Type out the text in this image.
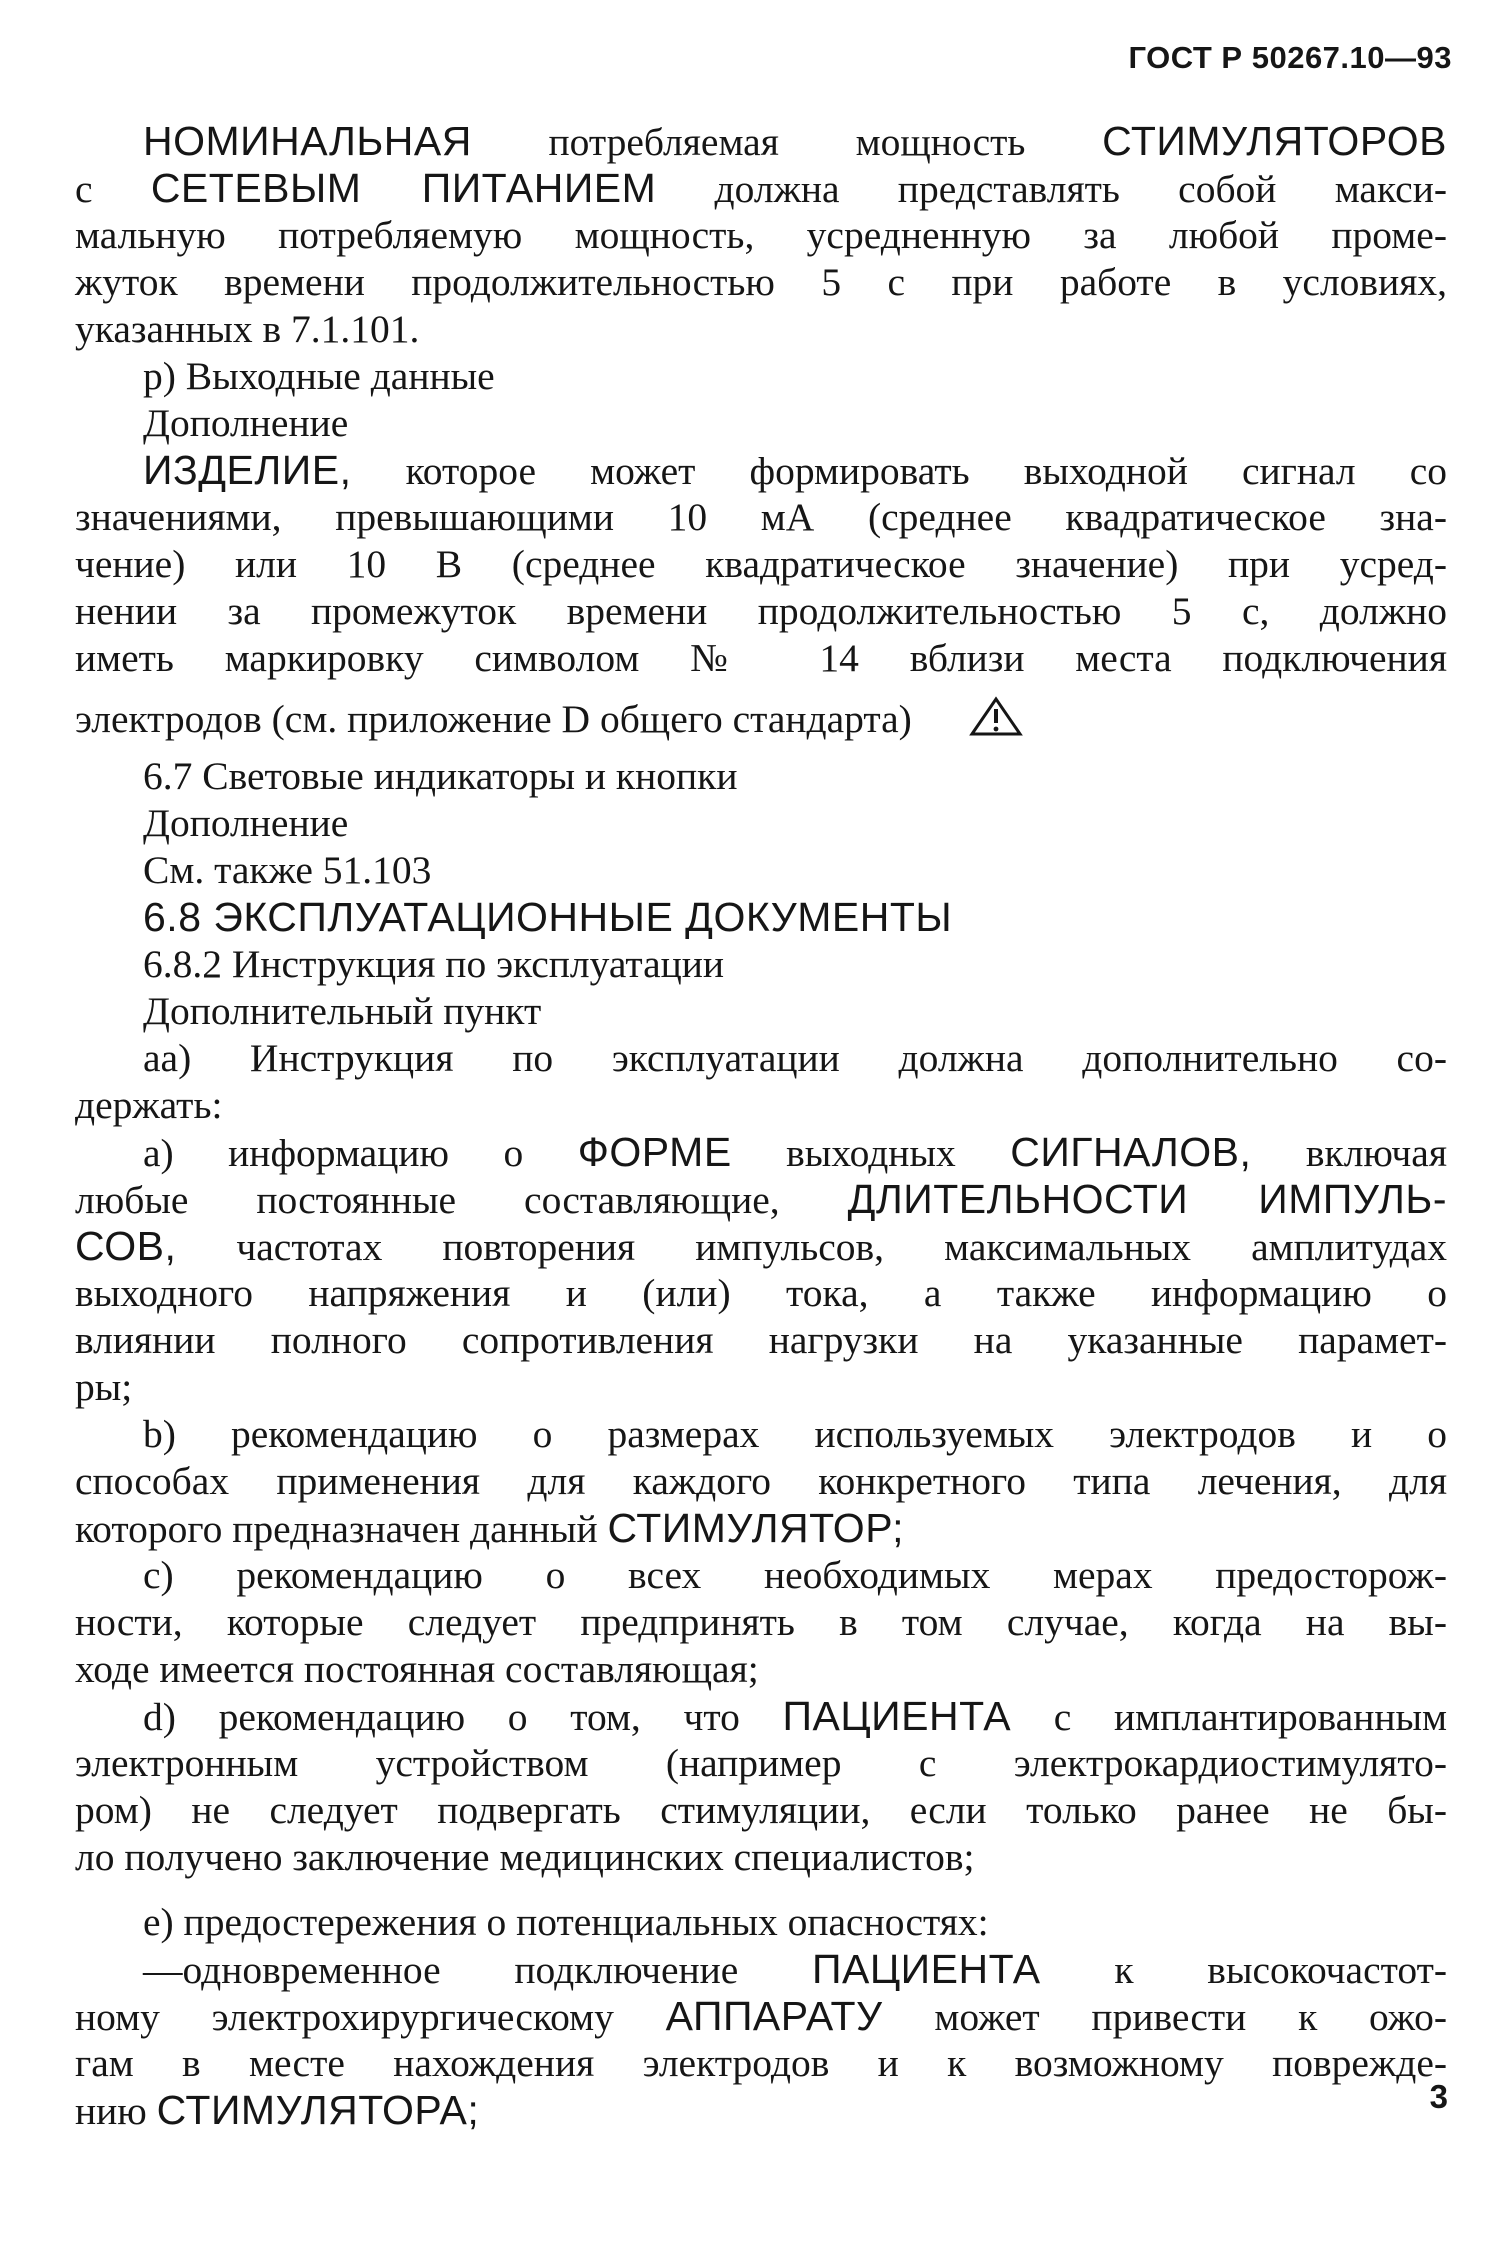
ГОСТ Р 50267.10—93
НОМИНАЛЬНАЯ потребляемая мощность СТИМУЛЯТОРОВ
с СЕТЕВЫМ ПИТАНИЕМ должна представлять собой макси-
мальную потребляемую мощность, усредненную за любой проме-
жуток времени продолжительностью 5 с при работе в условиях,
указанных в 7.1.101.
р) Выходные данные
Дополнение
ИЗДЕЛИЕ, которое может формировать выходной сигнал со
значениями, превышающими 10 мА (среднее квадратическое зна-
чение) или 10 В (среднее квадратическое значение) при усред-
нении за промежуток времени продолжительностью 5 с, должно
иметь маркировку символом № 14 вблизи места подключения
электродов (см. приложение D общего стандарта)
6.7 Световые индикаторы и кнопки
Дополнение
См. также 51.103
6.8 ЭКСПЛУАТАЦИОННЫЕ ДОКУМЕНТЫ
6.8.2 Инструкция по эксплуатации
Дополнительный пункт
аа) Инструкция по эксплуатации должна дополнительно со-
держать:
а) информацию о ФОРМЕ выходных СИГНАЛОВ, включая
любые постоянные составляющие, ДЛИТЕЛЬНОСТИ ИМПУЛЬ-
СОВ, частотах повторения импульсов, максимальных амплитудах
выходного напряжения и (или) тока, а также информацию о
влиянии полного сопротивления нагрузки на указанные парамет-
ры;
b) рекомендацию о размерах используемых электродов и о
способах применения для каждого конкретного типа лечения, для
которого предназначен данный СТИМУЛЯТОР;
с) рекомендацию о всех необходимых мерах предосторож-
ности, которые следует предпринять в том случае, когда на вы-
ходе имеется постоянная составляющая;
d) рекомендацию о том, что ПАЦИЕНТА с имплантированным
электронным устройством (например с электрокардиостимулято-
ром) не следует подвергать стимуляции, если только ранее не бы-
ло получено заключение медицинских специалистов;
е) предостережения о потенциальных опасностях:
—одновременное подключение ПАЦИЕНТА к высокочастот-
ному электрохирургическому АППАРАТУ может привести к ожо-
гам в месте нахождения электродов и к возможному поврежде-
нию СТИМУЛЯТОРА;	3
